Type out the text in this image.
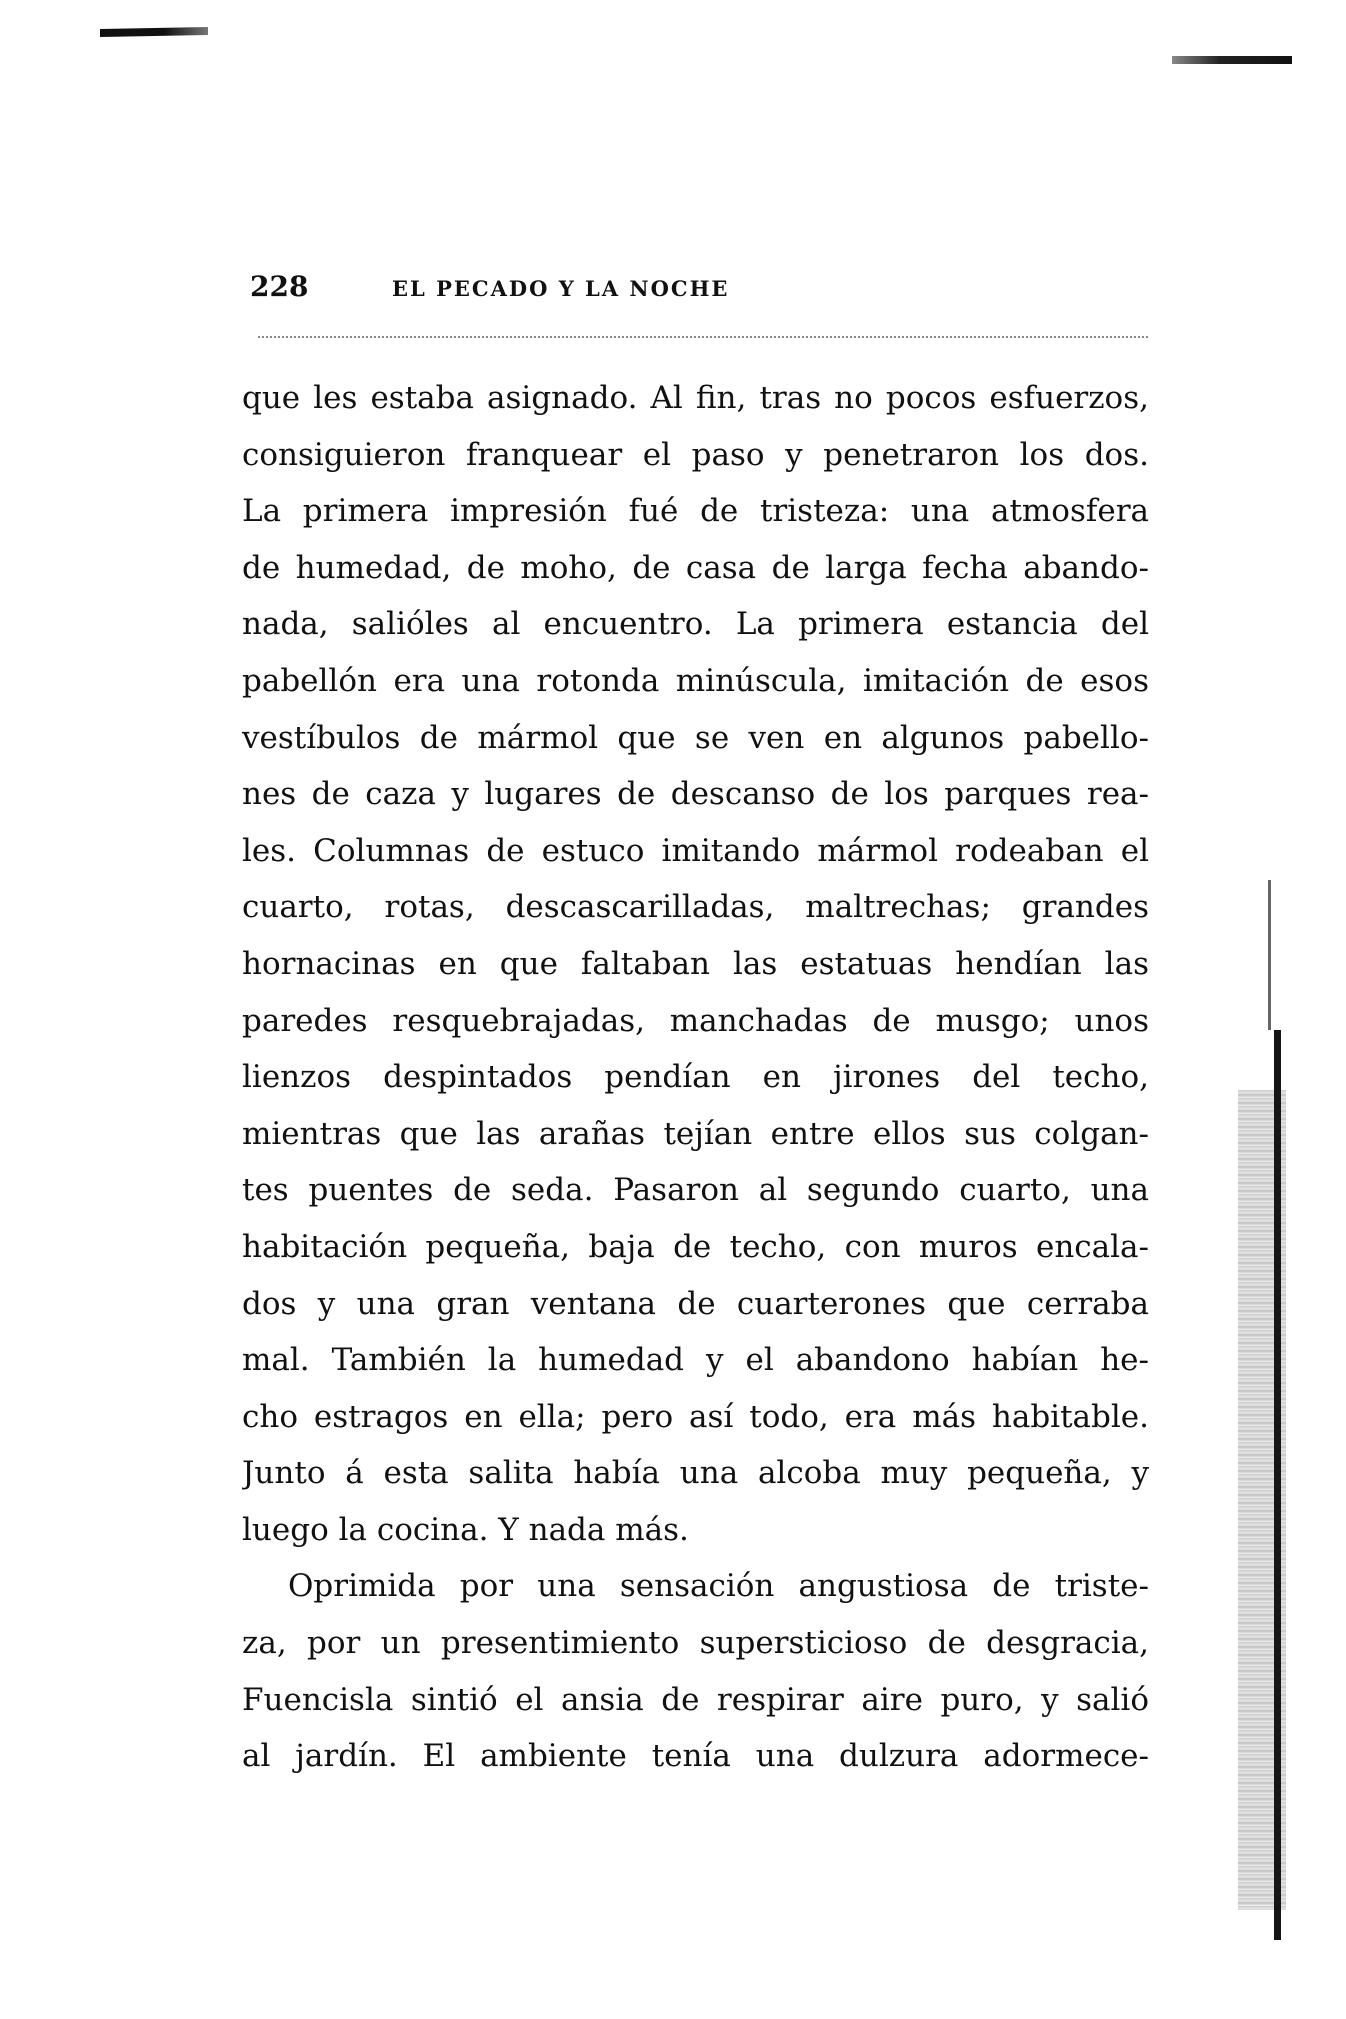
228	EL PECADO Y LA NOCHE
que les estaba asignado. Al fin, tras no pocos esfuerzos,
consiguieron franquear el paso y penetraron los dos.
La primera impresión fué de tristeza: una atmosfera
de humedad, de moho, de casa de larga fecha abando-
nada, salióles al encuentro. La primera estancia del
pabellón era una rotonda minúscula, imitación de esos
vestíbulos de mármol que se ven en algunos pabello-
nes de caza y lugares de descanso de los parques rea-
les. Columnas de estuco imitando mármol rodeaban el
cuarto, rotas, descascarilladas, maltrechas; grandes
hornacinas en que faltaban las estatuas hendían las
paredes resquebrajadas, manchadas de musgo; unos
lienzos despintados pendían en jirones del techo,
mientras que las arañas tejían entre ellos sus colgan-
tes puentes de seda. Pasaron al segundo cuarto, una
habitación pequeña, baja de techo, con muros encala-
dos y una gran ventana de cuarterones que cerraba
mal. También la humedad y el abandono habían he-
cho estragos en ella; pero así todo, era más habitable.
Junto á esta salita había una alcoba muy pequeña, y
luego la cocina. Y nada más.
Oprimida por una sensación angustiosa de triste-
za, por un presentimiento supersticioso de desgracia,
Fuencisla sintió el ansia de respirar aire puro, y salió
al jardín. El ambiente tenía una dulzura adormece-
